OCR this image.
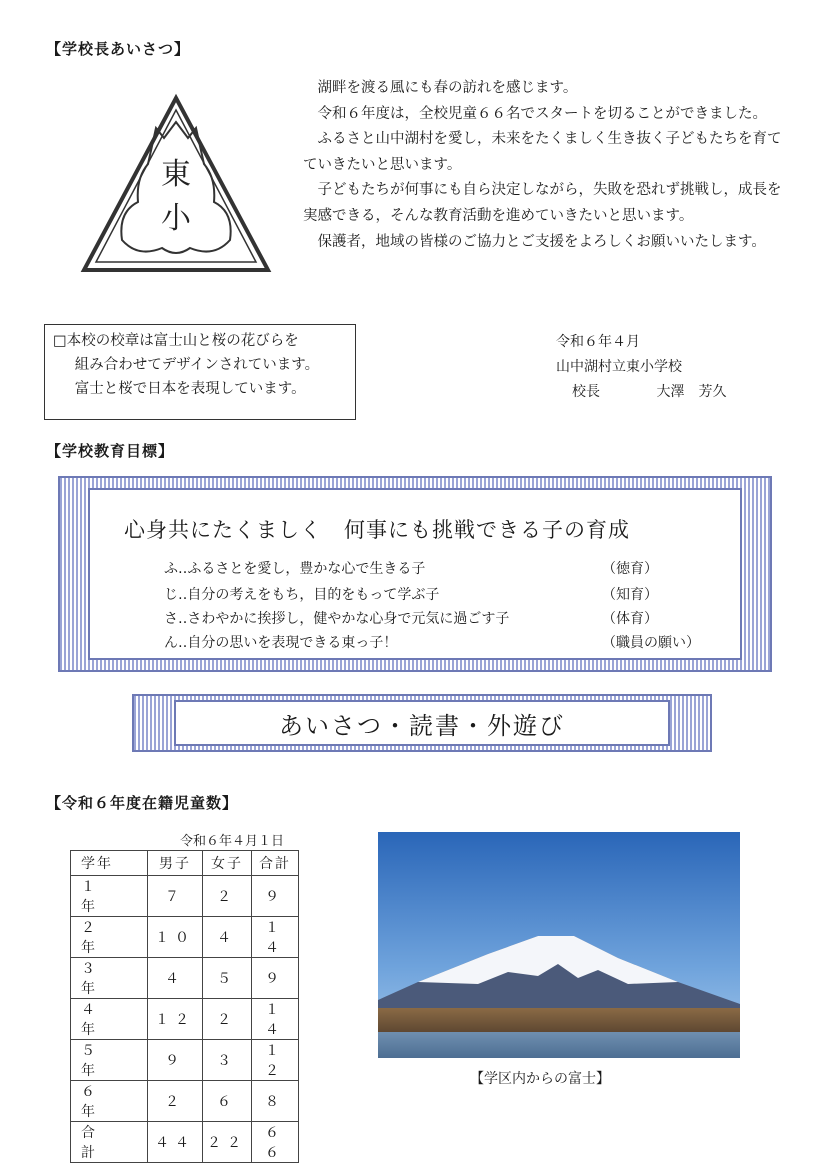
【学校長あいさつ】
東
小

湖畔を渡る風にも春の訪れを感じます。

令和６年度は，全校児童６６名でスタートを切ることができました。

ふるさと山中湖村を愛し，未来をたくましく生き抜く子どもたちを育てていきたいと思います。

子どもたちが何事にも自ら決定しながら，失敗を恐れず挑戦し，成長を実感できる，そんな教育活動を進めていきたいと思います。

保護者，地域の皆様のご協力とご支援をよろしくお願いいたします。

□本校の校章は富士山と桜の花びらを
組み合わせてデザインされています。
富士と桜で日本を表現しています。
令和６年４月
山中湖村立東小学校
校長	大澤　芳久
【学校教育目標】
心身共にたくましく　何事にも挑戦できる子の育成
ふ‥ふるさとを愛し，豊かな心で生きる子	（徳育）
じ‥自分の考えをもち，目的をもって学ぶ子	（知育）
さ‥さわやかに挨拶し，健やかな心身で元気に過ごす子	（体育）
ん‥自分の思いを表現できる東っ子！	（職員の願い）
あいさつ・読書・外遊び
【令和６年度在籍児童数】
令和６年４月１日
学年	男子	女子	合計
１年	７	２	９
２年	１０	４	１４
３年	４	５	９
４年	１２	２	１４
５年	９	３	１２
６年	２	６	８
合計	４４	２２	６６
【学区内からの富士】
